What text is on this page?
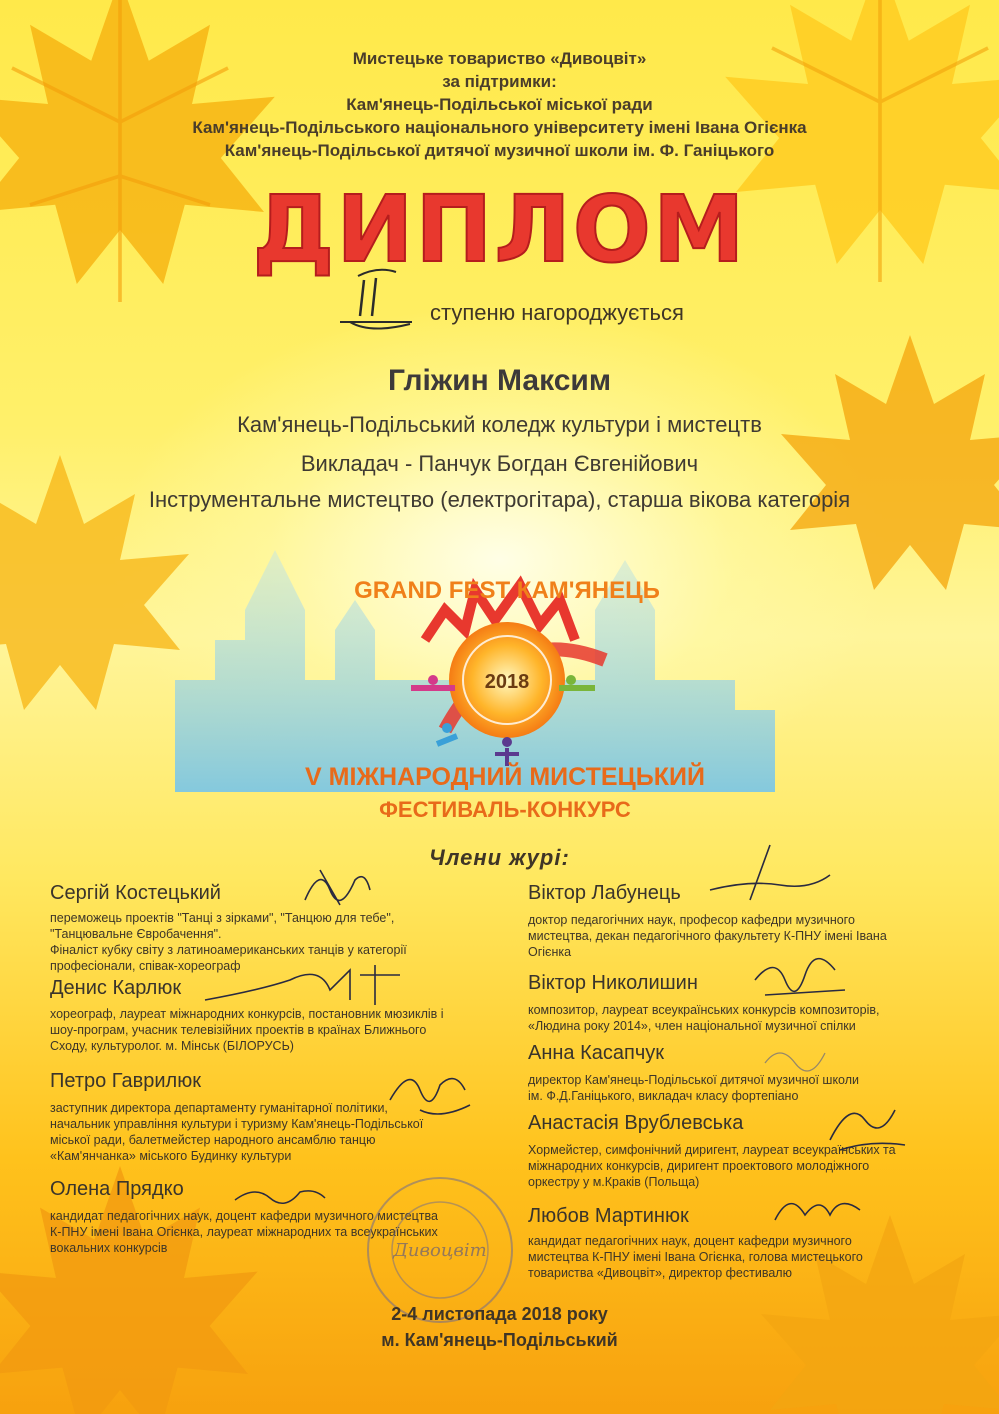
Мистецьке товариство «Дивоцвіт»
за підтримки:
Кам'янець-Подільської міської ради
Кам'янець-Подільського національного університету імені Івана Огієнка
Кам'янець-Подільської дитячої музичної школи ім. Ф. Ганіцького
ДИПЛОМ
ступеню нагороджується
Гліжин Максим
Кам'янець-Подільський коледж культури і мистецтв
Викладач - Панчук Богдан Євгенійович
Інструментальне мистецтво (електрогітара), старша вікова категорія
2018
GRAND FEST КАМ'ЯНЕЦЬ
V МІЖНАРОДНИЙ МИСТЕЦЬКИЙ
ФЕСТИВАЛЬ-КОНКУРС
Члени журі:
Сергій Костецький
переможець проектів "Танці з зірками", "Танцюю для тебе",
"Танцювальне Євробачення".
Фіналіст кубку світу з латиноамериканських танців у категорії
професіонали, співак-хореограф
Денис Карлюк
хореограф, лауреат міжнародних конкурсів, постановник мюзиклів і
шоу-програм, учасник телевізійних проектів в країнах Ближнього
Сходу, культуролог. м. Мінськ (БІЛОРУСЬ)
Петро Гаврилюк
заступник директора департаменту гуманітарної політики,
начальник управління культури і туризму Кам'янець-Подільської
міської ради, балетмейстер народного ансамблю танцю
«Кам'янчанка» міського Будинку культури
Олена Прядко
кандидат педагогічних наук, доцент кафедри музичного мистецтва
К-ПНУ імені Івана Огієнка, лауреат міжнародних та всеукраїнських
вокальних конкурсів
Віктор Лабунець
доктор педагогічних наук, професор кафедри музичного
мистецтва, декан педагогічного факультету К-ПНУ імені Івана
Огієнка
Віктор Николишин
композитор, лауреат всеукраїнських конкурсів композиторів,
«Людина року 2014», член національної музичної спілки
Анна Касапчук
директор Кам'янець-Подільської дитячої музичної школи
ім. Ф.Д.Ганіцького, викладач класу фортепіано
Анастасія Врублевська
Хормейстер, симфонічний диригент, лауреат всеукраїнських та
міжнародних конкурсів, диригент проектового молодіжного
оркестру у м.Краків (Польща)
Любов Мартинюк
кандидат педагогічних наук, доцент кафедри музичного
мистецтва К-ПНУ імені Івана Огієнка, голова мистецького
товариства «Дивоцвіт», директор фестивалю
Дивоцвіт
2-4 листопада 2018 року
м. Кам'янець-Подільський
